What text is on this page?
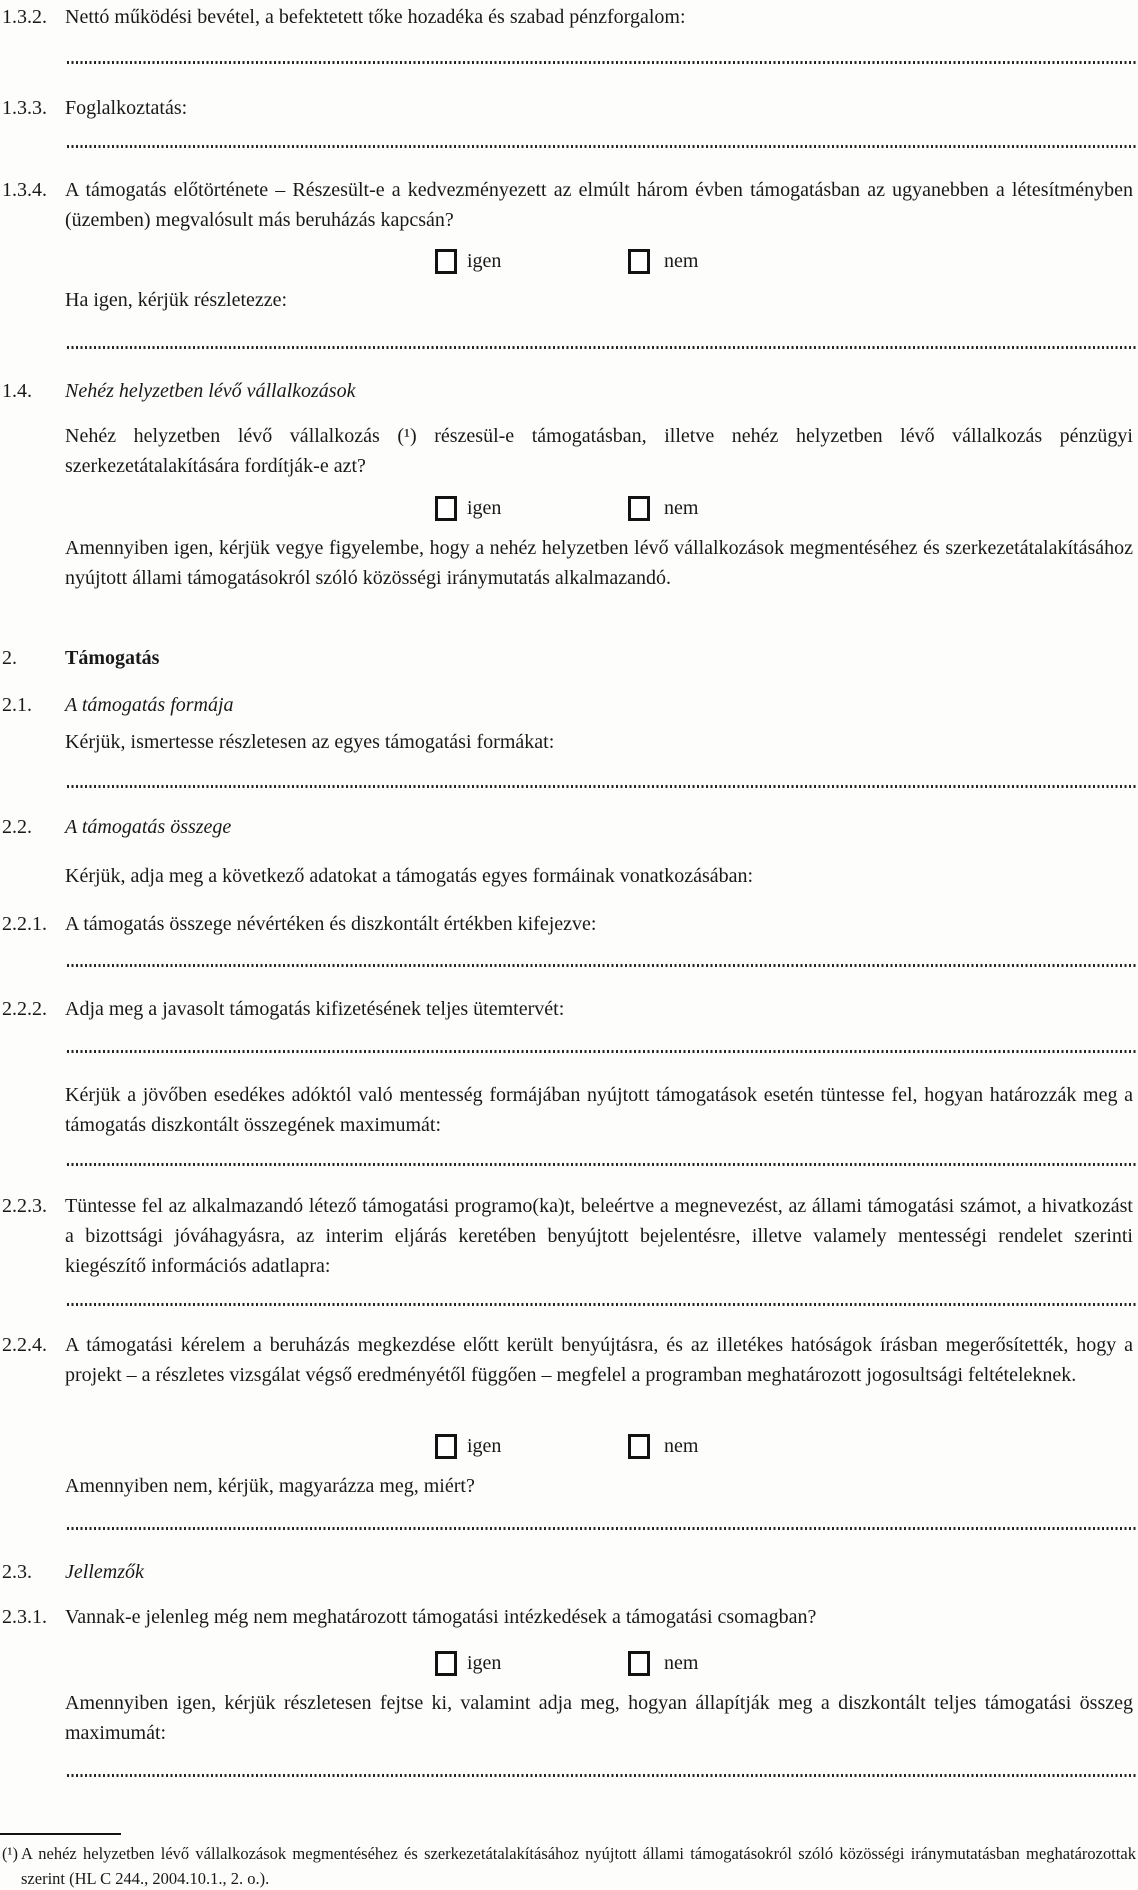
1.3.2. Nettó működési bevétel, a befektetett tőke hozadéka és szabad pénzforgalom:
1.3.3. Foglalkoztatás:
1.3.4. A támogatás előtörténete – Részesült-e a kedvezményezett az elmúlt három évben támogatásban az ugyanebben a létesítményben (üzemben) megvalósult más beruházás kapcsán?
igen	nem
Ha igen, kérjük részletezze:
1.4. Nehéz helyzetben lévő vállalkozások
Nehéz helyzetben lévő vállalkozás (¹) részesül-e támogatásban, illetve nehéz helyzetben lévő vállalkozás pénzügyi szerkezetátalakítására fordítják-e azt?
igen	nem
Amennyiben igen, kérjük vegye figyelembe, hogy a nehéz helyzetben lévő vállalkozások megmentéséhez és szerkezetátalakításához nyújtott állami támogatásokról szóló közösségi iránymutatás alkalmazandó.
2. Támogatás
2.1. A támogatás formája
Kérjük, ismertesse részletesen az egyes támogatási formákat:
2.2. A támogatás összege
Kérjük, adja meg a következő adatokat a támogatás egyes formáinak vonatkozásában:
2.2.1. A támogatás összege névértéken és diszkontált értékben kifejezve:
2.2.2. Adja meg a javasolt támogatás kifizetésének teljes ütemtervét:
Kérjük a jövőben esedékes adóktól való mentesség formájában nyújtott támogatások esetén tüntesse fel, hogyan határozzák meg a támogatás diszkontált összegének maximumát:
2.2.3. Tüntesse fel az alkalmazandó létező támogatási programo(ka)t, beleértve a megnevezést, az állami támogatási számot, a hivatkozást a bizottsági jóváhagyásra, az interim eljárás keretében benyújtott bejelentésre, illetve valamely mentességi rendelet szerinti kiegészítő információs adatlapra:
2.2.4. A támogatási kérelem a beruházás megkezdése előtt került benyújtásra, és az illetékes hatóságok írásban megerősítették, hogy a projekt – a részletes vizsgálat végső eredményétől függően – megfelel a programban meghatározott jogosultsági feltételeknek.
igen	nem
Amennyiben nem, kérjük, magyarázza meg, miért?
2.3. Jellemzők
2.3.1. Vannak-e jelenleg még nem meghatározott támogatási intézkedések a támogatási csomagban?
igen	nem
Amennyiben igen, kérjük részletesen fejtse ki, valamint adja meg, hogyan állapítják meg a diszkontált teljes támogatási összeg maximumát:
(¹) A nehéz helyzetben lévő vállalkozások megmentéséhez és szerkezetátalakításához nyújtott állami támogatásokról szóló közösségi iránymutatásban meghatározottak szerint (HL C 244., 2004.10.1., 2. o.).
